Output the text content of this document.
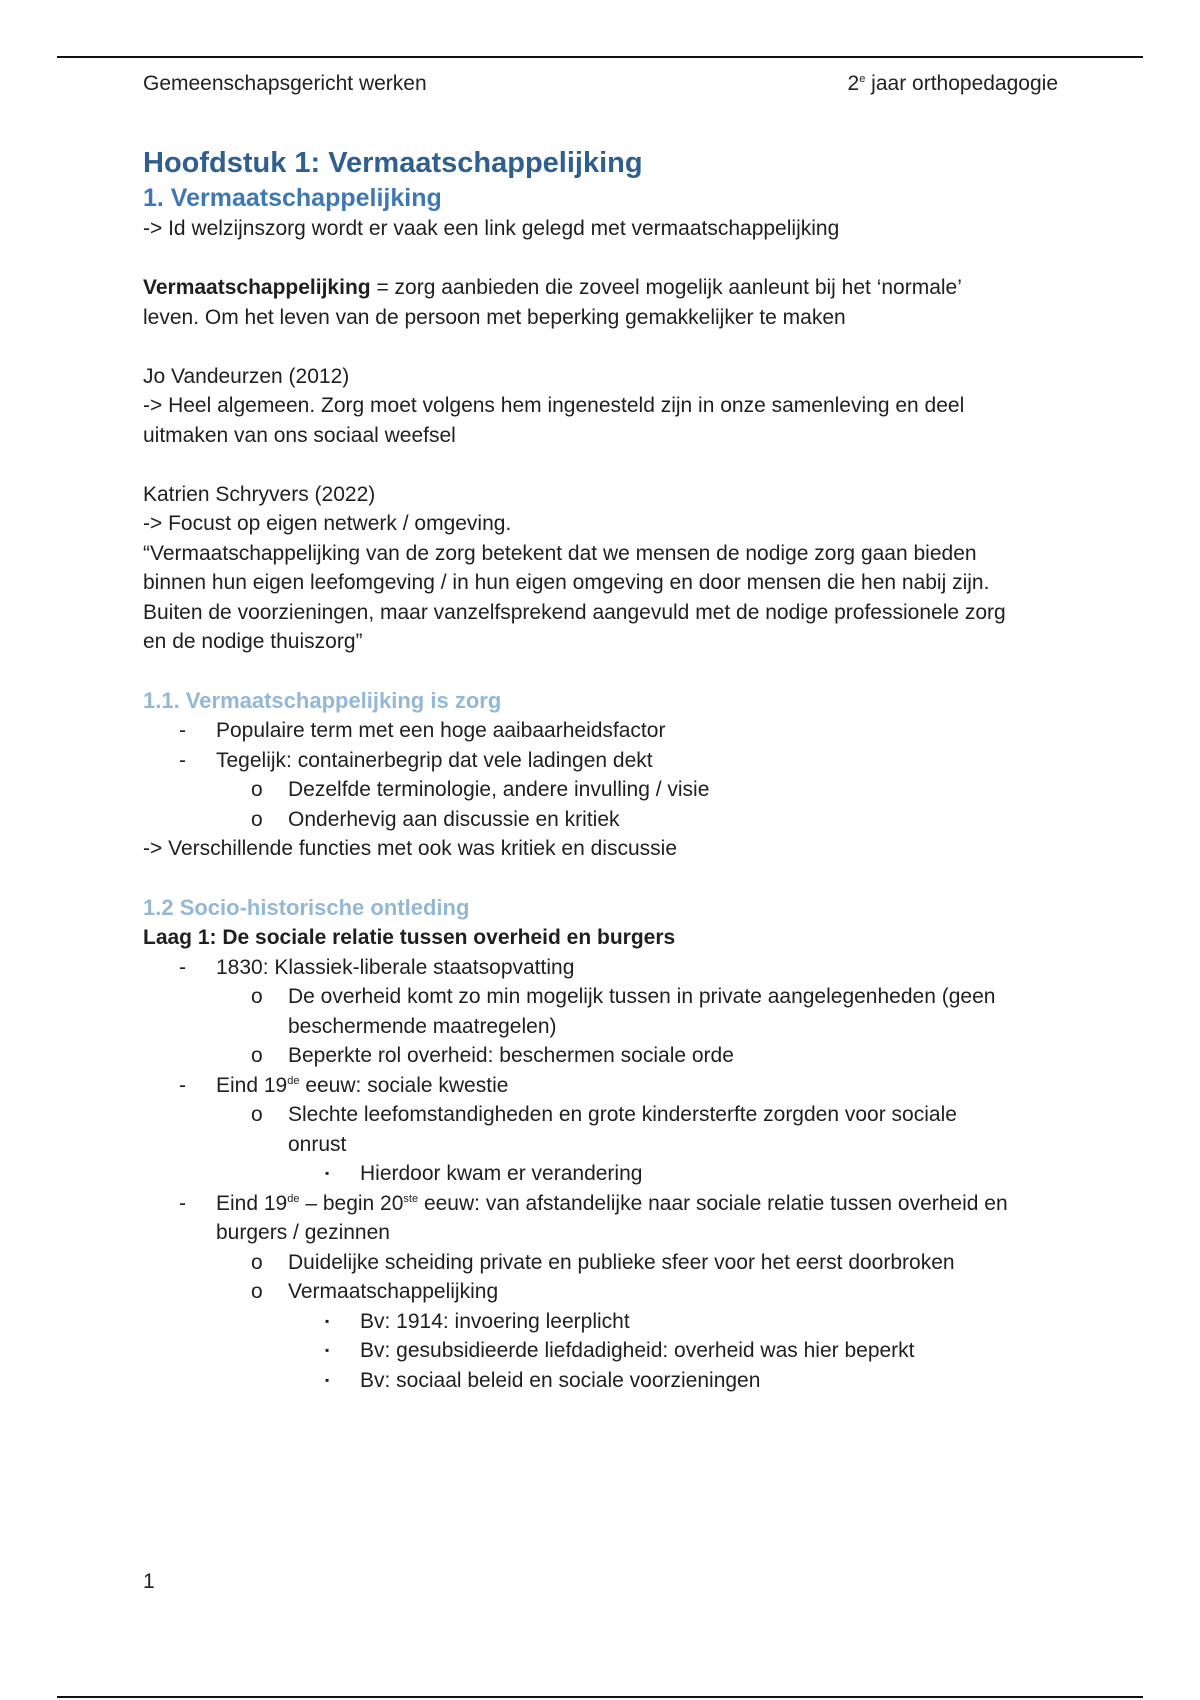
Gemeenschapsgericht werken	2e jaar orthopedagogie
Hoofdstuk 1: Vermaatschappelijking
1. Vermaatschappelijking

-> Id welzijnszorg wordt er vaak een link gelegd met vermaatschappelijking

Vermaatschappelijking = zorg aanbieden die zoveel mogelijk aanleunt bij het ‘normale’

leven. Om het leven van de persoon met beperking gemakkelijker te maken

Jo Vandeurzen (2012)

-> Heel algemeen. Zorg moet volgens hem ingenesteld zijn in onze samenleving en deel

uitmaken van ons sociaal weefsel

Katrien Schryvers (2022)

-> Focust op eigen netwerk / omgeving.

“Vermaatschappelijking van de zorg betekent dat we mensen de nodige zorg gaan bieden

binnen hun eigen leefomgeving / in hun eigen omgeving en door mensen die hen nabij zijn.

Buiten de voorzieningen, maar vanzelfsprekend aangevuld met de nodige professionele zorg

en de nodige thuiszorg”

1.1. Vermaatschappelijking is zorg
- Populaire term met een hoge aaibaarheidsfactor
- Tegelijk: containerbegrip dat vele ladingen dekt
o Dezelfde terminologie, andere invulling / visie
o Onderhevig aan discussie en kritiek

-> Verschillende functies met ook was kritiek en discussie

1.2 Socio-historische ontleding

Laag 1: De sociale relatie tussen overheid en burgers

- 1830: Klassiek-liberale staatsopvatting
o De overheid komt zo min mogelijk tussen in private aangelegenheden (geen
beschermende maatregelen)
o Beperkte rol overheid: beschermen sociale orde
- Eind 19de eeuw: sociale kwestie
o Slechte leefomstandigheden en grote kindersterfte zorgden voor sociale
onrust
▪ Hierdoor kwam er verandering
- Eind 19de – begin 20ste eeuw: van afstandelijke naar sociale relatie tussen overheid en
burgers / gezinnen
o Duidelijke scheiding private en publieke sfeer voor het eerst doorbroken
o Vermaatschappelijking
▪ Bv: 1914: invoering leerplicht
▪ Bv: gesubsidieerde liefdadigheid: overheid was hier beperkt
▪ Bv: sociaal beleid en sociale voorzieningen
1
